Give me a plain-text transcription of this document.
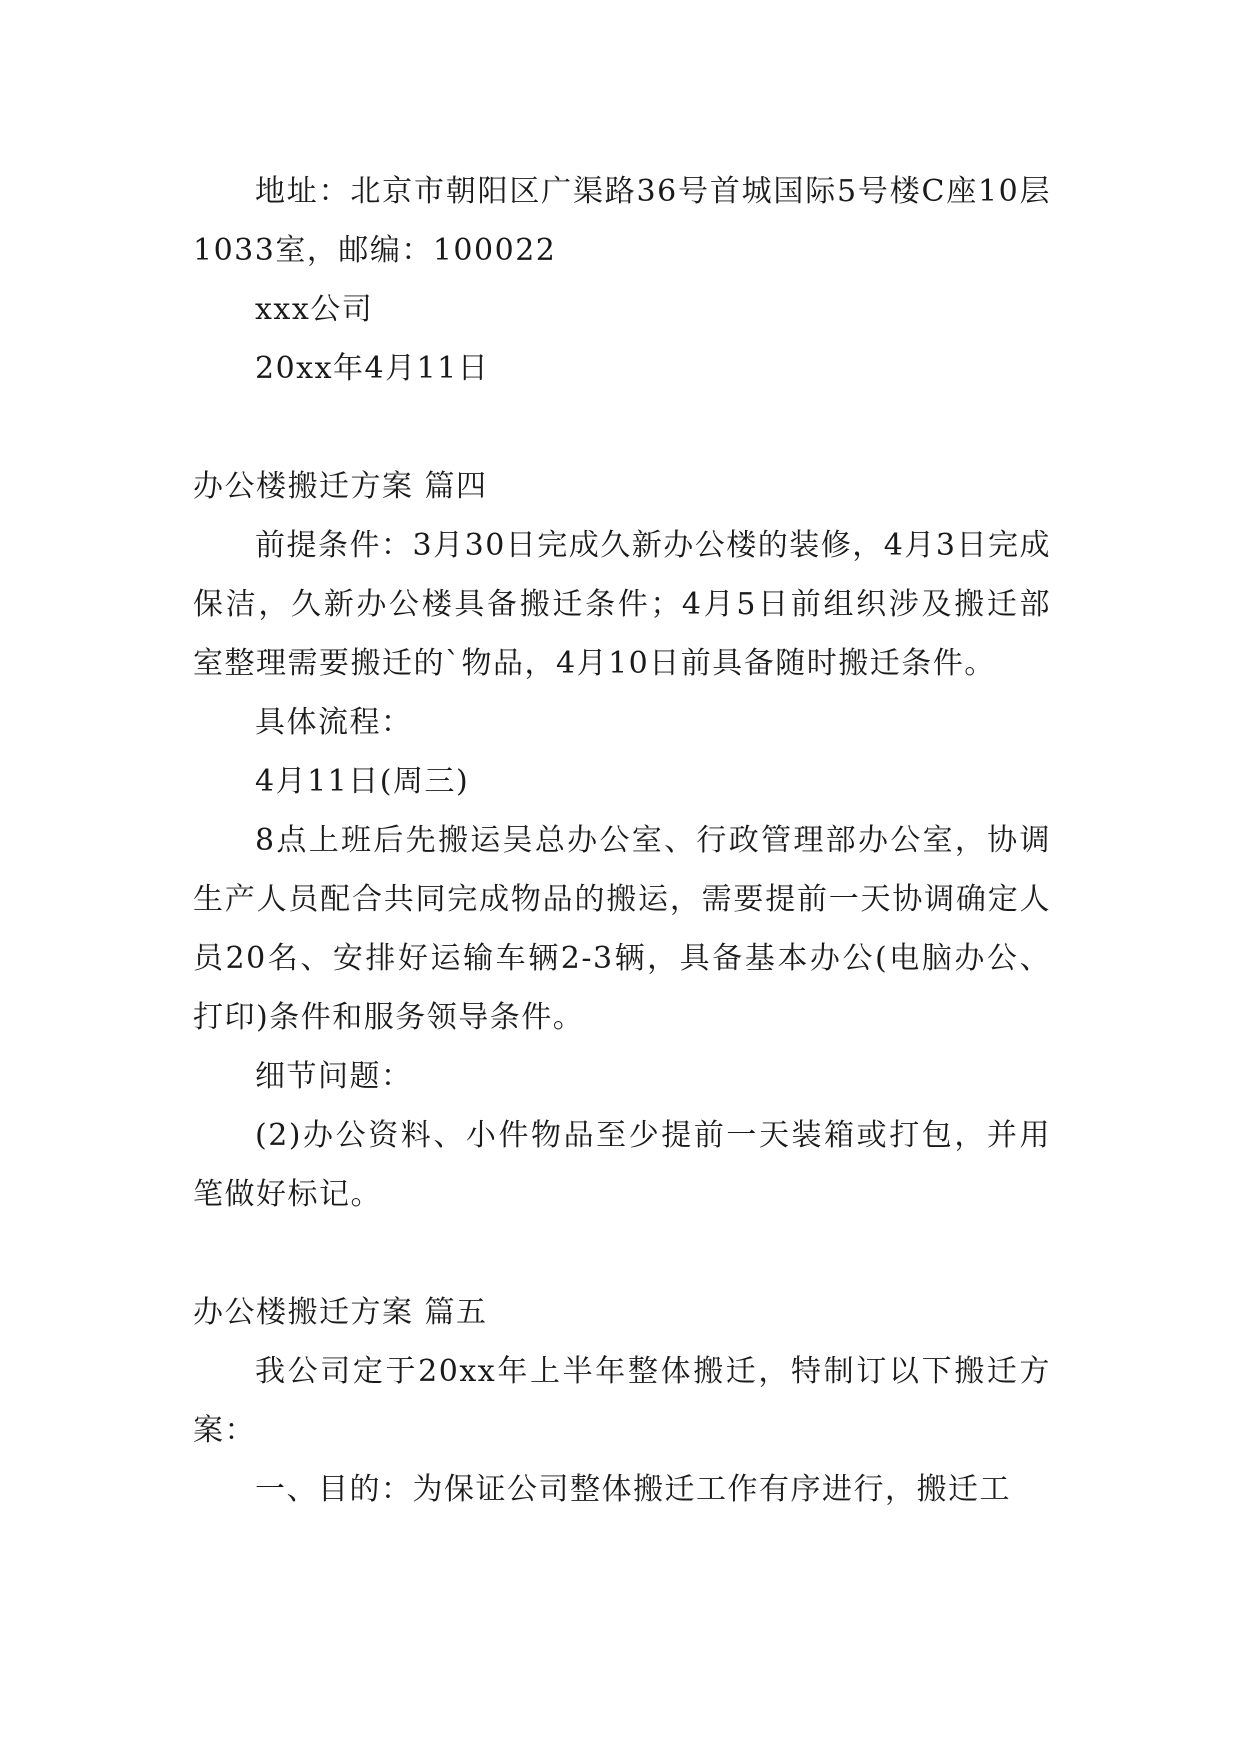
地址：北京市朝阳区广渠路36号首城国际5号楼C座10层1033室，邮编：100022

xxx公司

20xx年4月11日

办公楼搬迁方案 篇四

前提条件：3月30日完成久新办公楼的装修，4月3日完成保洁，久新办公楼具备搬迁条件；4月5日前组织涉及搬迁部室整理需要搬迁的`物品，4月10日前具备随时搬迁条件。

具体流程：

4月11日(周三)

8点上班后先搬运吴总办公室、行政管理部办公室，协调生产人员配合共同完成物品的搬运，需要提前一天协调确定人员20名、安排好运输车辆2-3辆，具备基本办公(电脑办公、打印)条件和服务领导条件。

细节问题：

(2)办公资料、小件物品至少提前一天装箱或打包，并用笔做好标记。

办公楼搬迁方案 篇五

我公司定于20xx年上半年整体搬迁，特制订以下搬迁方案：

一、目的：为保证公司整体搬迁工作有序进行，搬迁工
